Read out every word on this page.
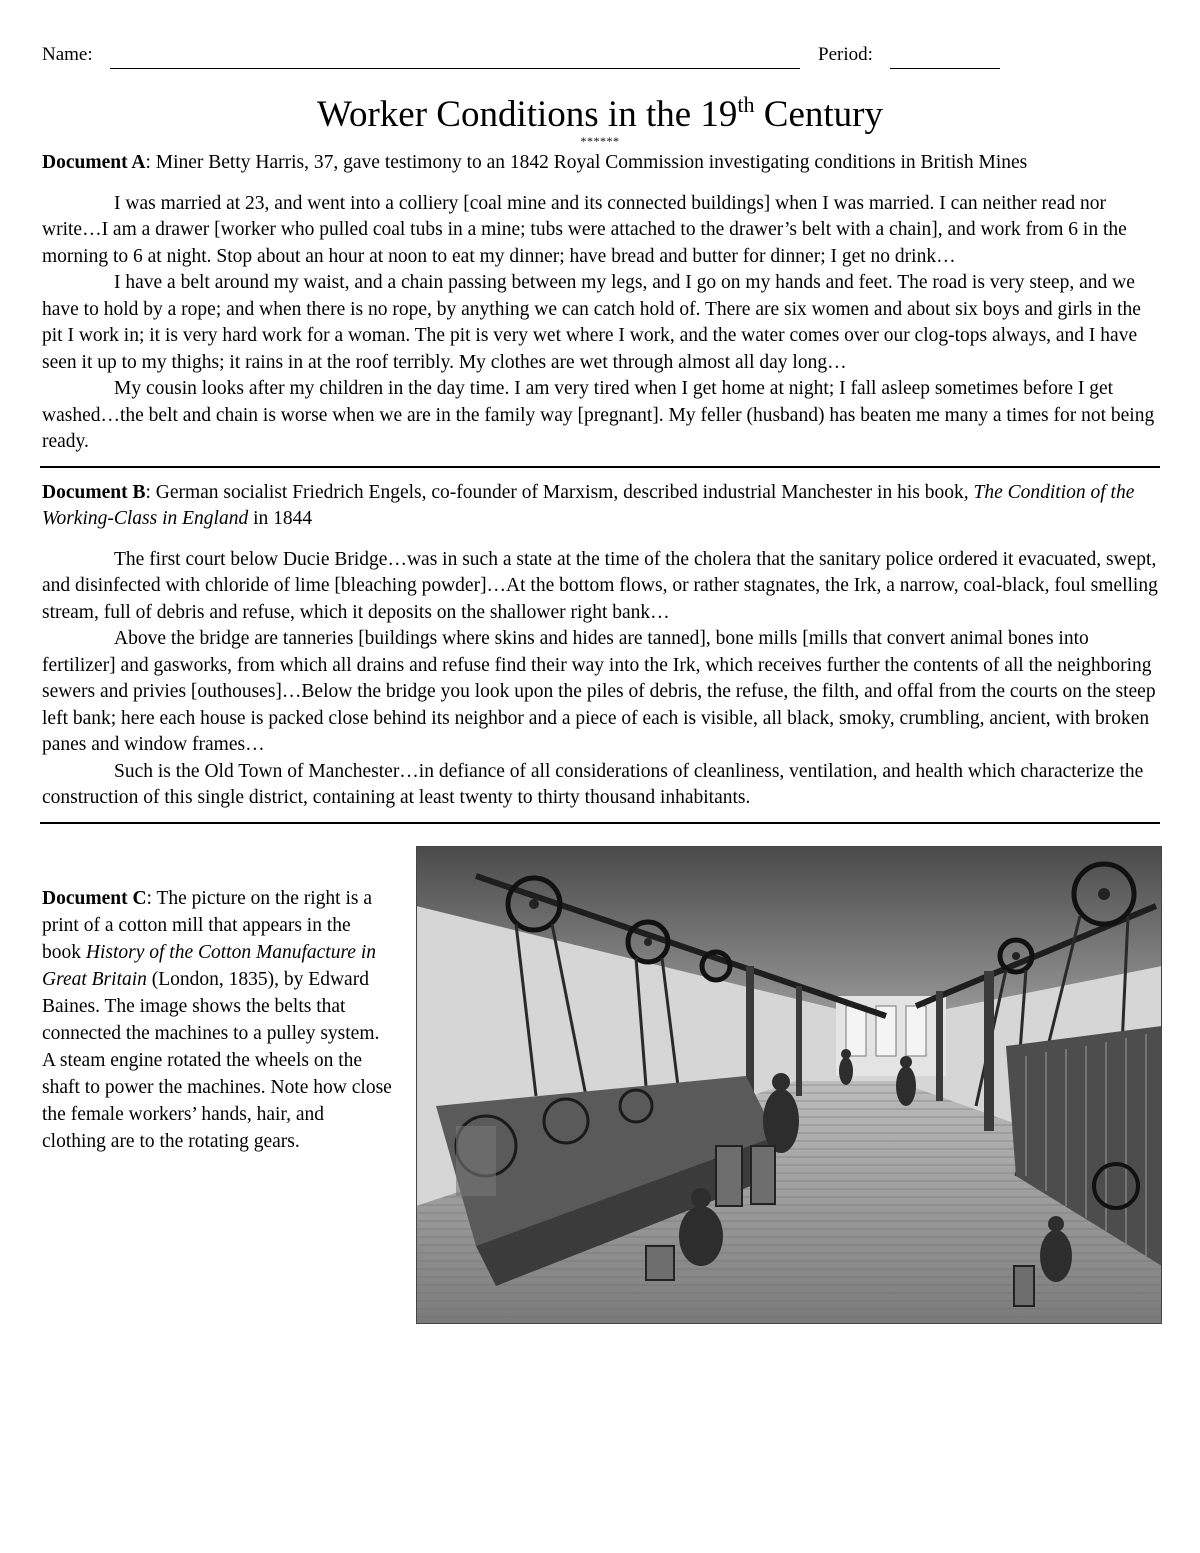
Name:	Period:
Worker Conditions in the 19th Century
******

Document A: Miner Betty Harris, 37, gave testimony to an 1842 Royal Commission investigating conditions in British Mines

I was married at 23, and went into a colliery [coal mine and its connected buildings] when I was married. I can neither read nor write…I am a drawer [worker who pulled coal tubs in a mine; tubs were attached to the drawer’s belt with a chain], and work from 6 in the morning to 6 at night. Stop about an hour at noon to eat my dinner; have bread and butter for dinner; I get no drink…

I have a belt around my waist, and a chain passing between my legs, and I go on my hands and feet. The road is very steep, and we have to hold by a rope; and when there is no rope, by anything we can catch hold of. There are six women and about six boys and girls in the pit I work in; it is very hard work for a woman. The pit is very wet where I work, and the water comes over our clog-tops always, and I have seen it up to my thighs; it rains in at the roof terribly. My clothes are wet through almost all day long…

My cousin looks after my children in the day time. I am very tired when I get home at night; I fall asleep sometimes before I get washed…the belt and chain is worse when we are in the family way [pregnant]. My feller (husband) has beaten me many a times for not being ready.

Document B: German socialist Friedrich Engels, co-founder of Marxism, described industrial Manchester in his book, The Condition of the Working-Class in England in 1844

The first court below Ducie Bridge…was in such a state at the time of the cholera that the sanitary police ordered it evacuated, swept, and disinfected with chloride of lime [bleaching powder]…At the bottom flows, or rather stagnates, the Irk, a narrow, coal-black, foul smelling stream, full of debris and refuse, which it deposits on the shallower right bank…

Above the bridge are tanneries [buildings where skins and hides are tanned], bone mills [mills that convert animal bones into fertilizer] and gasworks, from which all drains and refuse find their way into the Irk, which receives further the contents of all the neighboring sewers and privies [outhouses]…Below the bridge you look upon the piles of debris, the refuse, the filth, and offal from the courts on the steep left bank; here each house is packed close behind its neighbor and a piece of each is visible, all black, smoky, crumbling, ancient, with broken panes and window frames…

Such is the Old Town of Manchester…in defiance of all considerations of cleanliness, ventilation, and health which characterize the construction of this single district, containing at least twenty to thirty thousand inhabitants.

Document C: The picture on the right is a print of a cotton mill that appears in the book History of the Cotton Manufacture in Great Britain (London, 1835), by Edward Baines. The image shows the belts that connected the machines to a pulley system. A steam engine rotated the wheels on the shaft to power the machines. Note how close the female workers’ hands, hair, and clothing are to the rotating gears.
